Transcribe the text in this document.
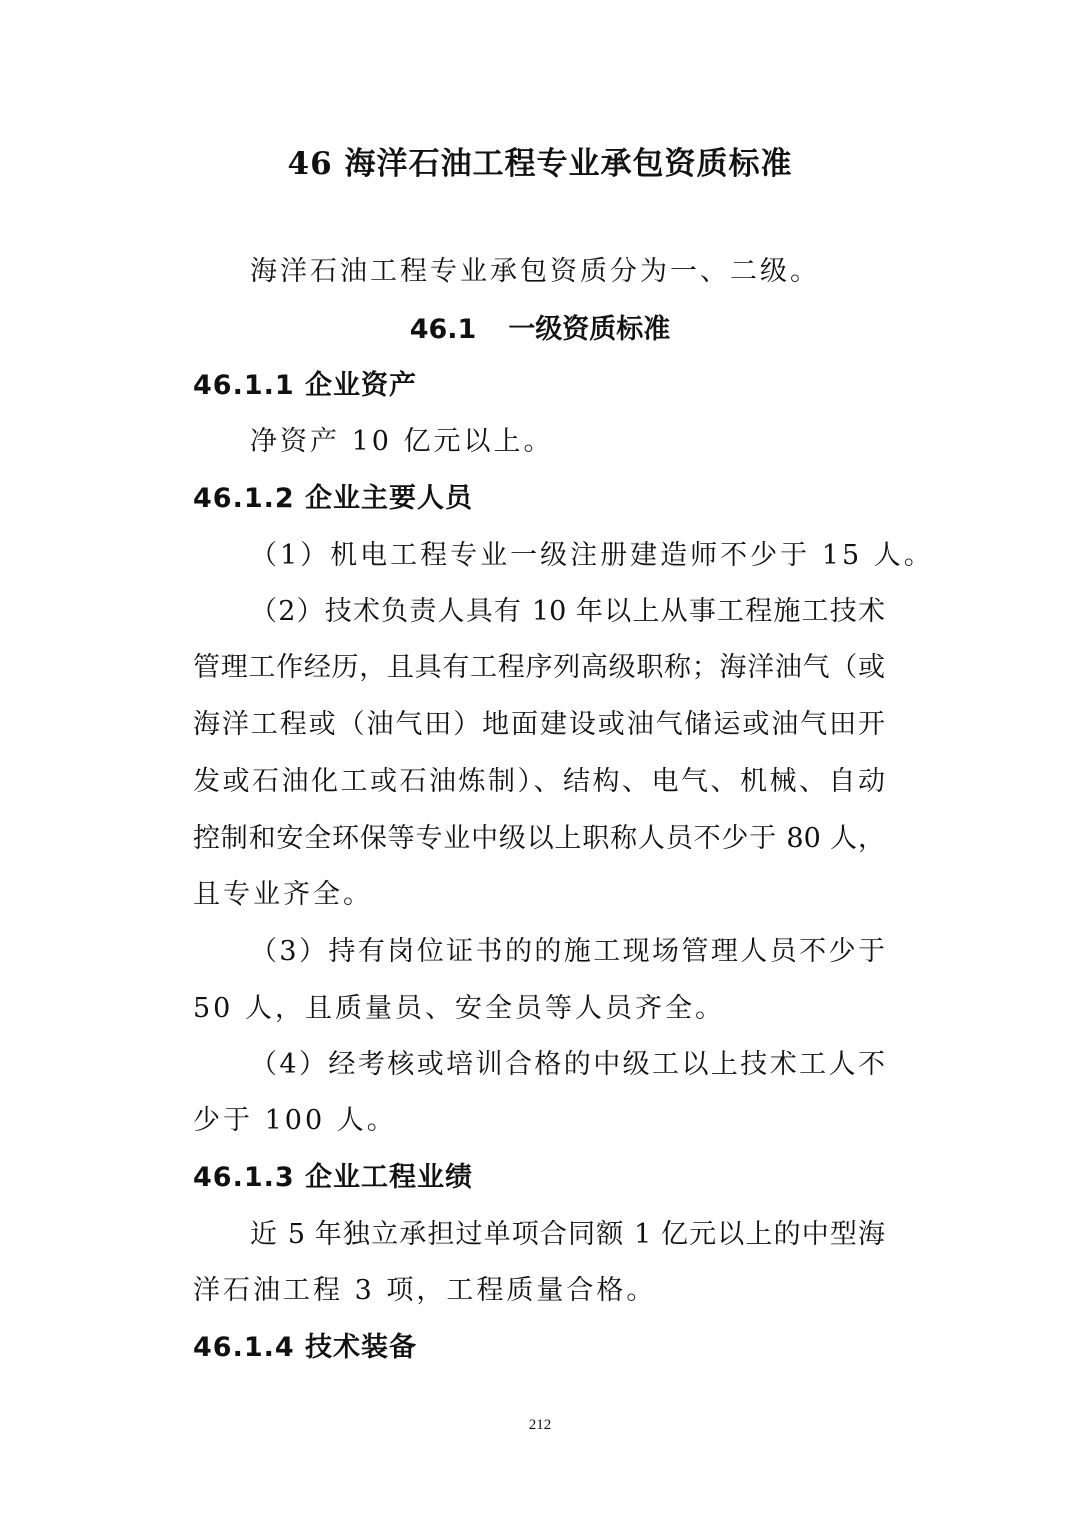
46 海洋石油工程专业承包资质标准
海洋石油工程专业承包资质分为一、二级。
46.1 一级资质标准
46.1.1 企业资产
净资产 10 亿元以上。
46.1.2 企业主要人员
（1）机电工程专业一级注册建造师不少于 15 人。
（2）技术负责人具有 10 年以上从事工程施工技术
管理工作经历，且具有工程序列高级职称；海洋油气（或
海洋工程或（油气田）地面建设或油气储运或油气田开
发或石油化工或石油炼制）、结构、电气、机械、自动
控制和安全环保等专业中级以上职称人员不少于 80 人，
且专业齐全。
（3）持有岗位证书的的施工现场管理人员不少于
50 人，且质量员、安全员等人员齐全。
（4）经考核或培训合格的中级工以上技术工人不
少于 100 人。
46.1.3 企业工程业绩
近 5 年独立承担过单项合同额 1 亿元以上的中型海
洋石油工程 3 项，工程质量合格。
46.1.4 技术装备
212
